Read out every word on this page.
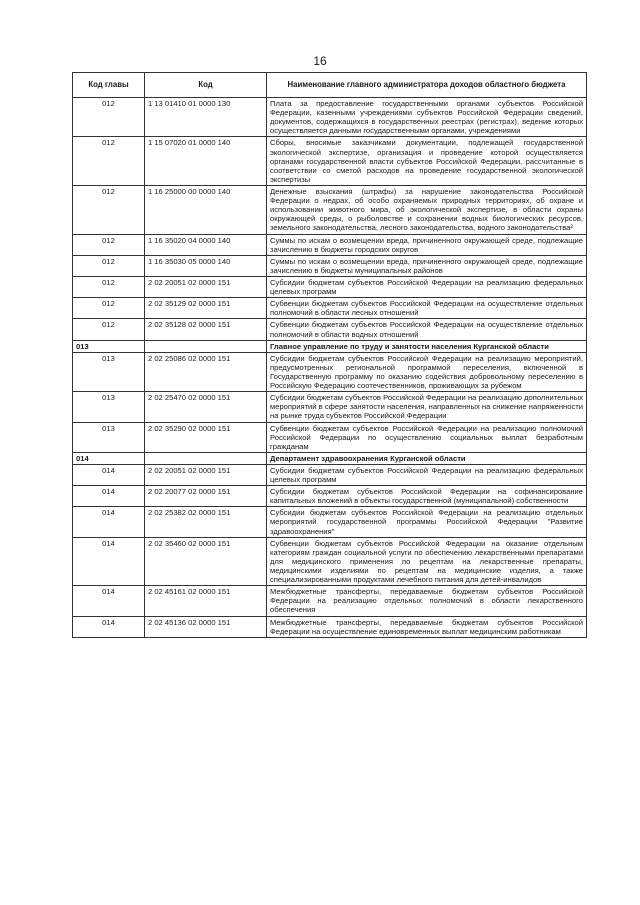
16
Код главы	Код	Наименование главного администратора доходов областного бюджета
012	1 13 01410 01 0000 130	Плата за предоставление государственными органами субъектов Российской Федерации, казенными учреждениями субъектов Российской Федерации сведений, документов, содержащихся в государственных реестрах (регистрах), ведение которых осуществляется данными государственными органами, учреждениями
012	1 15 07020 01 0000 140	Сборы, вносимые заказчиками документации, подлежащей государственной экологической экспертизе, организация и проведение которой осуществляется органами государственной власти субъектов Российской Федерации, рассчитанные в соответствии со сметой расходов на проведение государственной экологической экспертизы
012	1 16 25000 00 0000 140	Денежные взыскания (штрафы) за нарушение законодательства Российской Федерации о недрах, об особо охраняемых природных территориях, об охране и использовании животного мира, об экологической экспертизе, в области охраны окружающей среды, о рыболовстве и сохранении водных биологических ресурсов, земельного законодательства, лесного законодательства, водного законодательства²
012	1 16 35020 04 0000 140	Суммы по искам о возмещении вреда, причиненного окружающей среде, подлежащие зачислению в бюджеты городских округов
012	1 16 35030 05 0000 140	Суммы по искам о возмещении вреда, причиненного окружающей среде, подлежащие зачислению в бюджеты муниципальных районов
012	2 02 20051 02 0000 151	Субсидии бюджетам субъектов Российской Федерации на реализацию федеральных целевых программ
012	2 02 35129 02 0000 151	Субвенции бюджетам субъектов Российской Федерации на осуществление отдельных полномочий в области лесных отношений
012	2 02 35128 02 0000 151	Субвенции бюджетам субъектов Российской Федерации на осуществление отдельных полномочий в области водных отношений
013		Главное управление по труду и занятости населения Курганской области
013	2 02 25086 02 0000 151	Субсидии бюджетам субъектов Российской Федерации на реализацию мероприятий, предусмотренных региональной программой переселения, включенной в Государственную программу по оказанию содействия добровольному переселению в Российскую Федерацию соотечественников, проживающих за рубежом
013	2 02 25470 02 0000 151	Субсидии бюджетам субъектов Российской Федерации на реализацию дополнительных мероприятий в сфере занятости населения, направленных на снижение напряженности на рынке труда субъектов Российской Федерации
013	2 02 35290 02 0000 151	Субвенции бюджетам субъектов Российской Федерации на реализацию полномочий Российской Федерации по осуществлению социальных выплат безработным гражданам
014		Департамент здравоохранения Курганской области
014	2 02 20051 02 0000 151	Субсидии бюджетам субъектов Российской Федерации на реализацию федеральных целевых программ
014	2 02 20077 02 0000 151	Субсидии бюджетам субъектов Российской Федерации на софинансирование капитальных вложений в объекты государственной (муниципальной) собственности
014	2 02 25382 02 0000 151	Субсидии бюджетам субъектов Российской Федерации на реализацию отдельных мероприятий государственной программы Российской Федерации "Развитие здравоохранения"
014	2 02 35460 02 0000 151	Субвенции бюджетам субъектов Российской Федерации на оказание отдельным категориям граждан социальной услуги по обеспечению лекарственными препаратами для медицинского применения по рецептам на лекарственные препараты, медицинскими изделиями по рецептам на медицинские изделия, а также специализированными продуктами лечебного питания для детей-инвалидов
014	2 02 45161 02 0000 151	Межбюджетные трансферты, передаваемые бюджетам субъектов Российской Федерации на реализацию отдельных полномочий в области лекарственного обеспечения
014	2 02 45136 02 0000 151	Межбюджетные трансферты, передаваемые бюджетам субъектов Российской Федерации на осуществление единовременных выплат медицинским работникам
